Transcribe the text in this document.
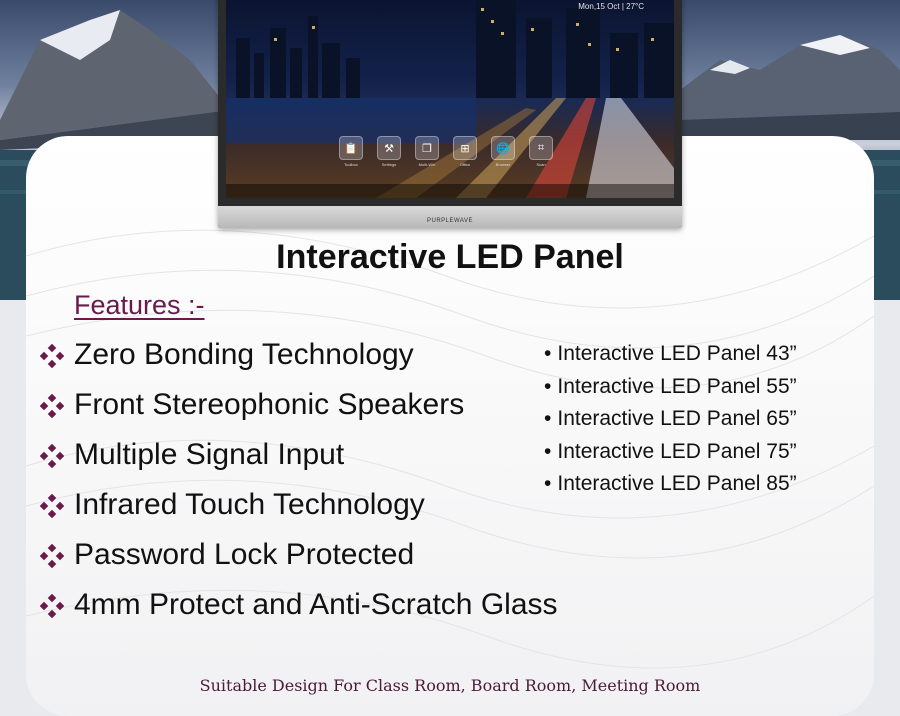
Mon,15 Oct | 27°C
📋
Toolbox
⚒
Settings
❐
Multi-Win
⊞
Office
🌐
Browser
⌗
Scan
PURPLEWAVE
Interactive LED Panel
Features :-
Zero Bonding Technology
Front Stereophonic Speakers
Multiple Signal Input
Infrared Touch Technology
Password Lock Protected
4mm Protect and Anti-Scratch Glass
• Interactive LED Panel 43”
• Interactive LED Panel 55”
• Interactive LED Panel 65”
• Interactive LED Panel 75”
• Interactive LED Panel 85”
Suitable Design For Class Room, Board Room, Meeting Room
